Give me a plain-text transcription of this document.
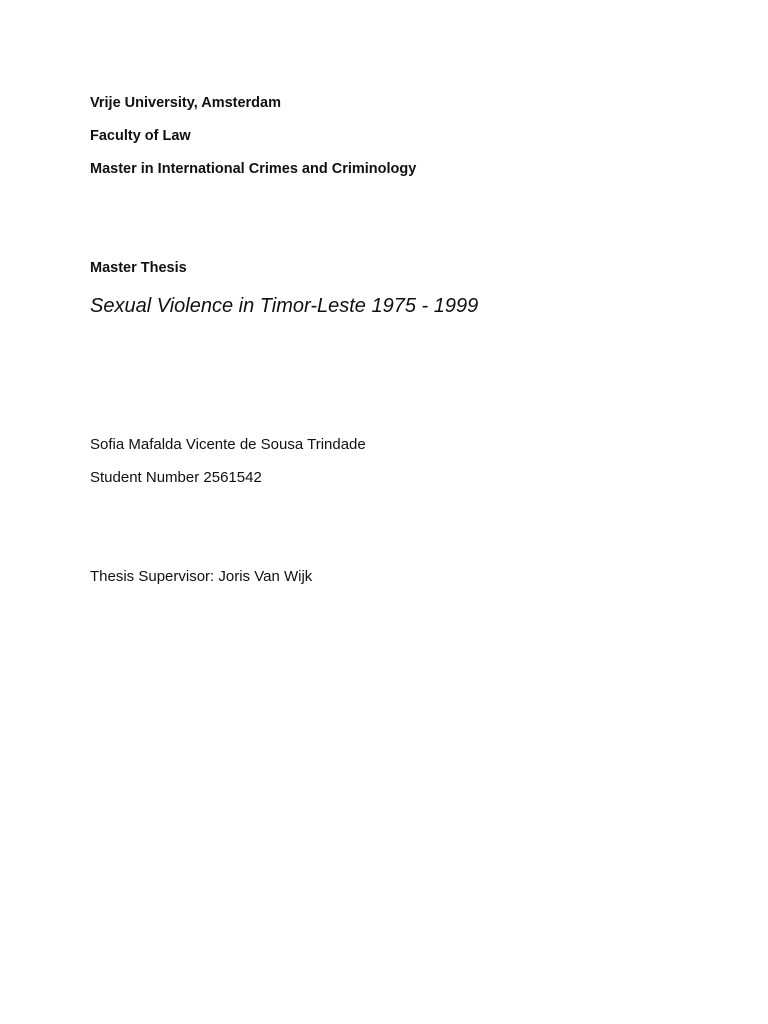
Vrije University, Amsterdam
Faculty of Law
Master in International Crimes and Criminology
Master Thesis
Sexual Violence in Timor-Leste 1975 - 1999
Sofia Mafalda Vicente de Sousa Trindade
Student Number 2561542
Thesis Supervisor: Joris Van Wijk
